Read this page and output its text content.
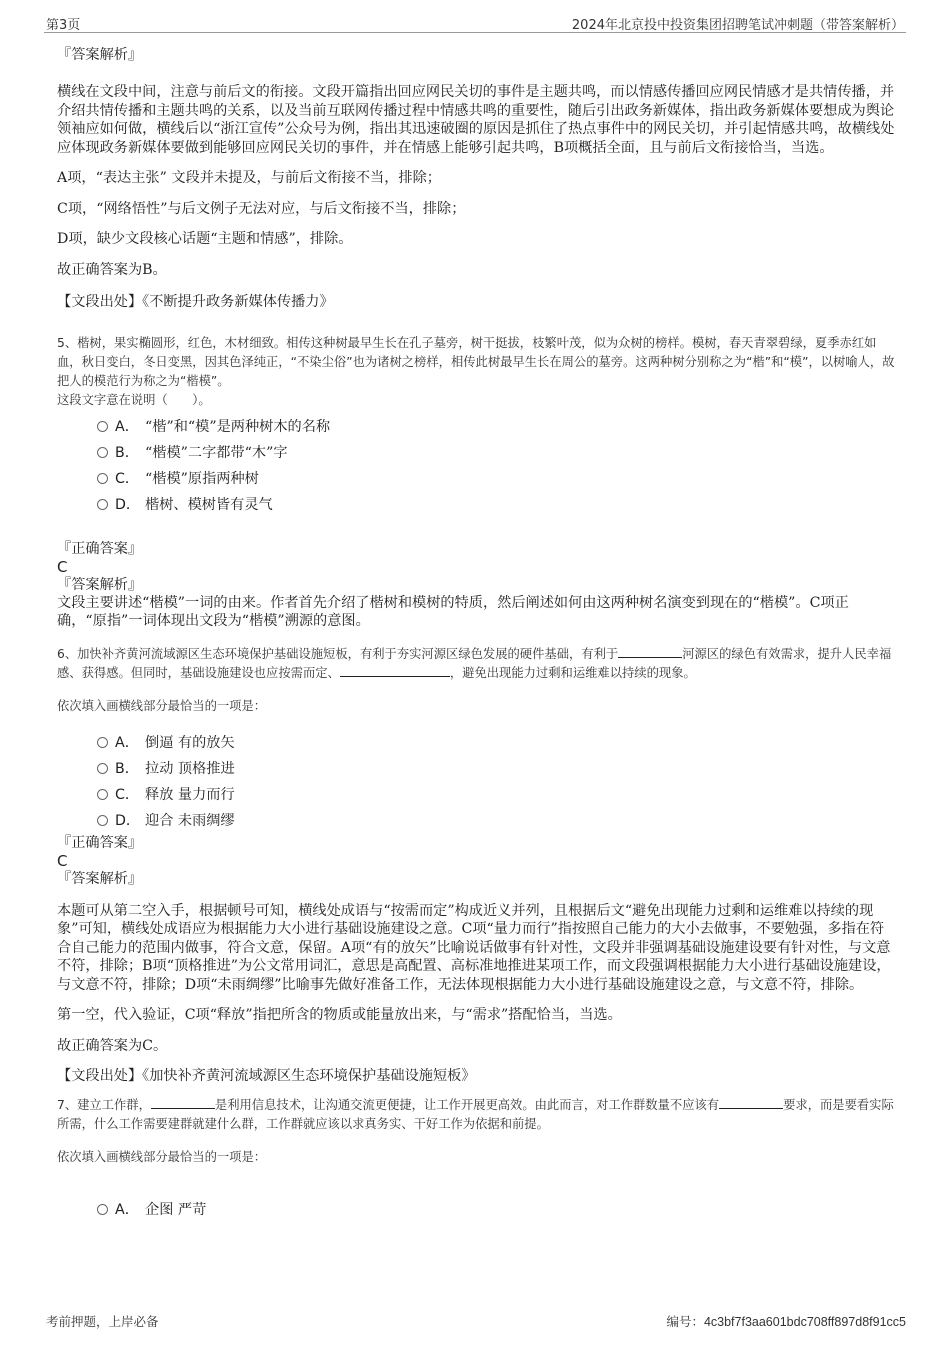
第3页	2024年北京投中投资集团招聘笔试冲刺题（带答案解析）

『答案解析』

横线在文段中间，注意与前后文的衔接。文段开篇指出回应网民关切的事件是主题共鸣，而以情感传播回应网民情感才是共情传播，并介绍共情传播和主题共鸣的关系，以及当前互联网传播过程中情感共鸣的重要性，随后引出政务新媒体，指出政务新媒体要想成为舆论领袖应如何做，横线后以“浙江宣传”公众号为例，指出其迅速破圈的原因是抓住了热点事件中的网民关切，并引起情感共鸣，故横线处应体现政务新媒体要做到能够回应网民关切的事件，并在情感上能够引起共鸣，B项概括全面，且与前后文衔接恰当，当选。

A项，“表达主张” 文段并未提及，与前后文衔接不当，排除；

C项，“网络悟性”与后文例子无法对应，与后文衔接不当，排除；

D项，缺少文段核心话题“主题和情感”，排除。

故正确答案为B。

【文段出处】《不断提升政务新媒体传播力》

5、楷树，果实椭圆形，红色，木材细致。相传这种树最早生长在孔子墓旁，树干挺拔，枝繁叶茂，似为众树的榜样。模树，春天青翠碧绿，夏季赤红如血，秋日变白，冬日变黑，因其色泽纯正，“不染尘俗”也为诸树之榜样，相传此树最早生长在周公的墓旁。这两种树分别称之为“楷”和“模”，以树喻人，故把人的模范行为称之为“楷模”。

这段文字意在说明（　　）。

A． “楷”和“模”是两种树木的名称
B． “楷模”二字都带“木”字
C． “楷模”原指两种树
D． 楷树、模树皆有灵气

『正确答案』

C

『答案解析』

文段主要讲述“楷模”一词的由来。作者首先介绍了楷树和模树的特质，然后阐述如何由这两种树名演变到现在的“楷模”。C项正确，“原指”一词体现出文段为“楷模”溯源的意图。

6、加快补齐黄河流域源区生态环境保护基础设施短板，有利于夯实河源区绿色发展的硬件基础，有利于	河源区的绿色有效需求，提升人民幸福感、获得感。但同时，基础设施建设也应按需而定、	，避免出现能力过剩和运维难以持续的现象。

依次填入画横线部分最恰当的一项是：

A． 倒逼 有的放矢
B． 拉动 顶格推进
C． 释放 量力而行
D． 迎合 未雨绸缪

『正确答案』

C

『答案解析』

本题可从第二空入手，根据顿号可知，横线处成语与“按需而定”构成近义并列，且根据后文“避免出现能力过剩和运维难以持续的现象”可知，横线处成语应为根据能力大小进行基础设施建设之意。C项“量力而行”指按照自己能力的大小去做事，不要勉强，多指在符合自己能力的范围内做事，符合文意，保留。A项“有的放矢”比喻说话做事有针对性，文段并非强调基础设施建设要有针对性，与文意不符，排除；B项“顶格推进”为公文常用词汇，意思是高配置、高标准地推进某项工作，而文段强调根据能力大小进行基础设施建设，与文意不符，排除；D项“未雨绸缪”比喻事先做好准备工作，无法体现根据能力大小进行基础设施建设之意，与文意不符，排除。

第一空，代入验证，C项“释放”指把所含的物质或能量放出来，与“需求”搭配恰当，当选。

故正确答案为C。

【文段出处】《加快补齐黄河流域源区生态环境保护基础设施短板》

7、建立工作群，	是利用信息技术，让沟通交流更便捷，让工作开展更高效。由此而言，对工作群数量不应该有	要求，而是要看实际所需，什么工作需要建群就建什么群，工作群就应该以求真务实、干好工作为依据和前提。

依次填入画横线部分最恰当的一项是：

A． 企图 严苛
考前押题，上岸必备	编号：4c3bf7f3aa601bdc708ff897d8f91cc5
